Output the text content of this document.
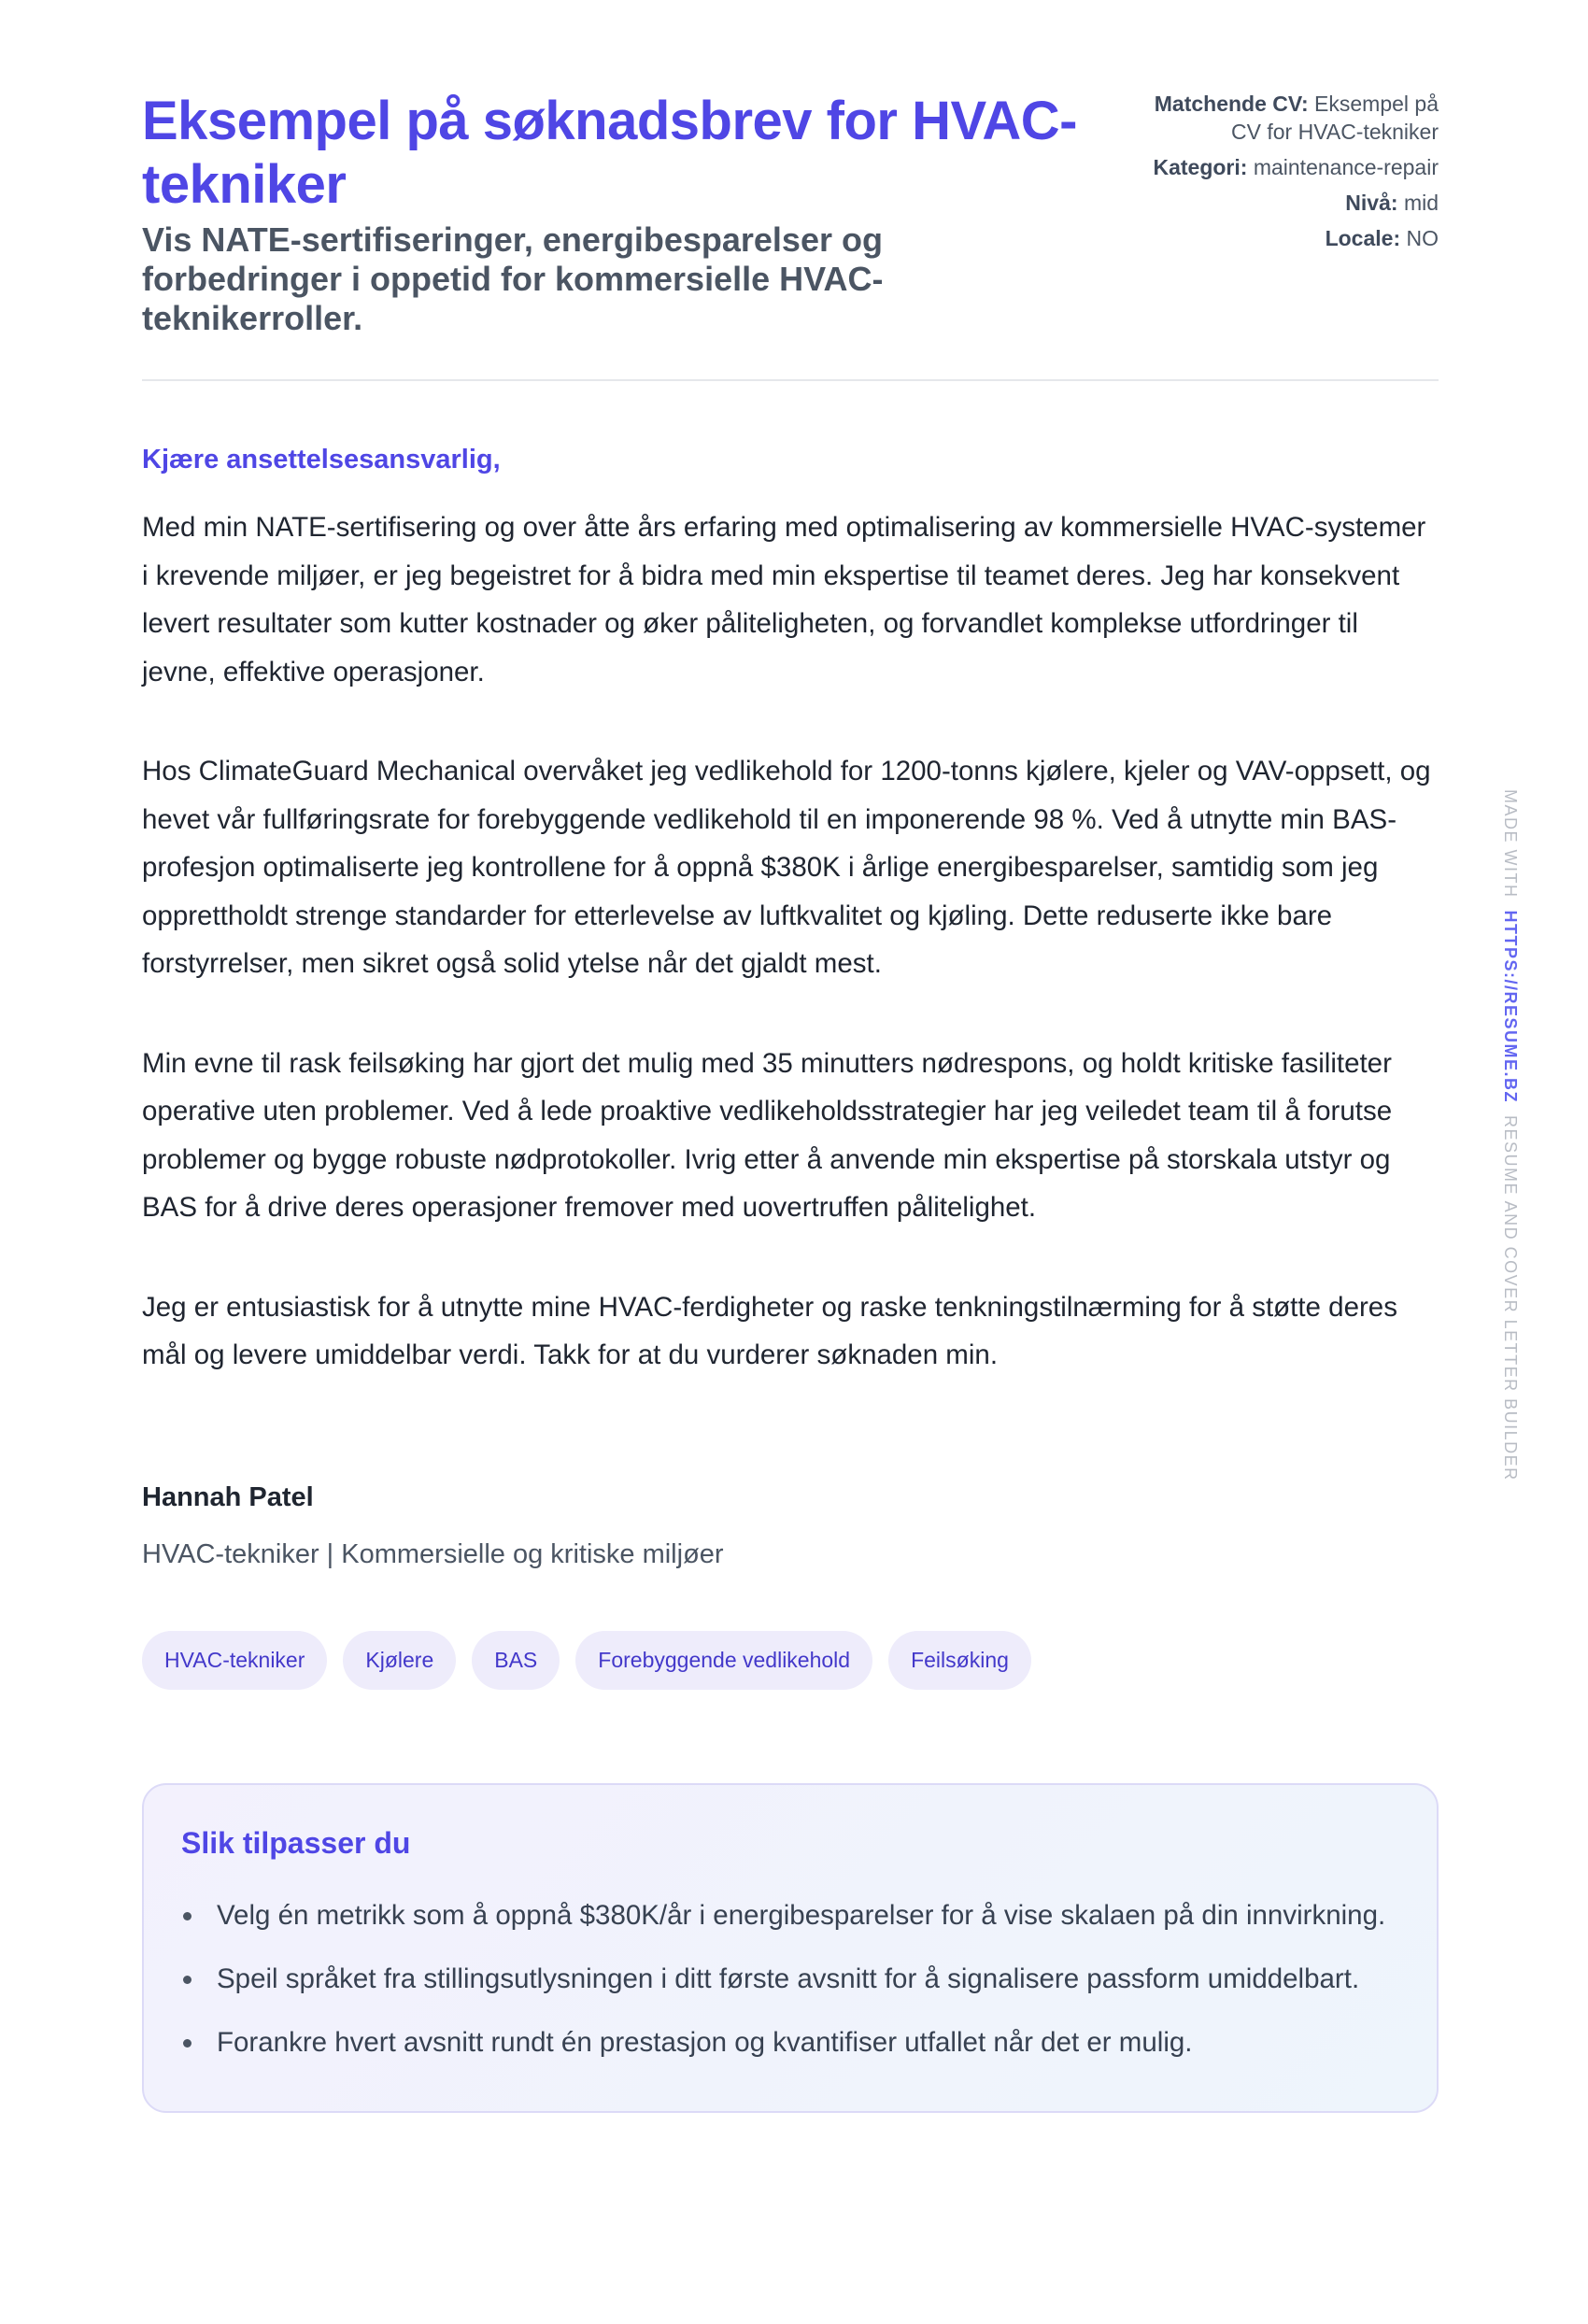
Eksempel på søknadsbrev for HVAC-tekniker
Vis NATE-sertifiseringer, energibesparelser og forbedringer i oppetid for kommersielle HVAC-teknikerroller.
Matchende CV: Eksempel på CV for HVAC-tekniker
Kategori: maintenance-repair
Nivå: mid
Locale: NO
Kjære ansettelsesansvarlig,

Med min NATE-sertifisering og over åtte års erfaring med optimalisering av kommersielle HVAC-systemer i krevende miljøer, er jeg begeistret for å bidra med min ekspertise til teamet deres. Jeg har konsekvent levert resultater som kutter kostnader og øker påliteligheten, og forvandlet komplekse utfordringer til jevne, effektive operasjoner.

Hos ClimateGuard Mechanical overvåket jeg vedlikehold for 1200-tonns kjølere, kjeler og VAV-oppsett, og hevet vår fullføringsrate for forebyggende vedlikehold til en imponerende 98 %. Ved å utnytte min BAS-profesjon optimaliserte jeg kontrollene for å oppnå $380K i årlige energibesparelser, samtidig som jeg opprettholdt strenge standarder for etterlevelse av luftkvalitet og kjøling. Dette reduserte ikke bare forstyrrelser, men sikret også solid ytelse når det gjaldt mest.

Min evne til rask feilsøking har gjort det mulig med 35 minutters nødrespons, og holdt kritiske fasiliteter operative uten problemer. Ved å lede proaktive vedlikeholdsstrategier har jeg veiledet team til å forutse problemer og bygge robuste nødprotokoller. Ivrig etter å anvende min ekspertise på storskala utstyr og BAS for å drive deres operasjoner fremover med uovertruffen pålitelighet.

Jeg er entusiastisk for å utnytte mine HVAC-ferdigheter og raske tenkningstilnærming for å støtte deres mål og levere umiddelbar verdi. Takk for at du vurderer søknaden min.

Hannah Patel
HVAC-tekniker | Kommersielle og kritiske miljøer
HVAC-tekniker	Kjølere	BAS	Forebyggende vedlikehold	Feilsøking
Slik tilpasser du
Velg én metrikk som å oppnå $380K/år i energibesparelser for å vise skalaen på din innvirkning.
Speil språket fra stillingsutlysningen i ditt første avsnitt for å signalisere passform umiddelbart.
Forankre hvert avsnitt rundt én prestasjon og kvantifiser utfallet når det er mulig.
MADE WITH  HTTPS://RESUME.BZ  RESUME AND COVER LETTER BUILDER
